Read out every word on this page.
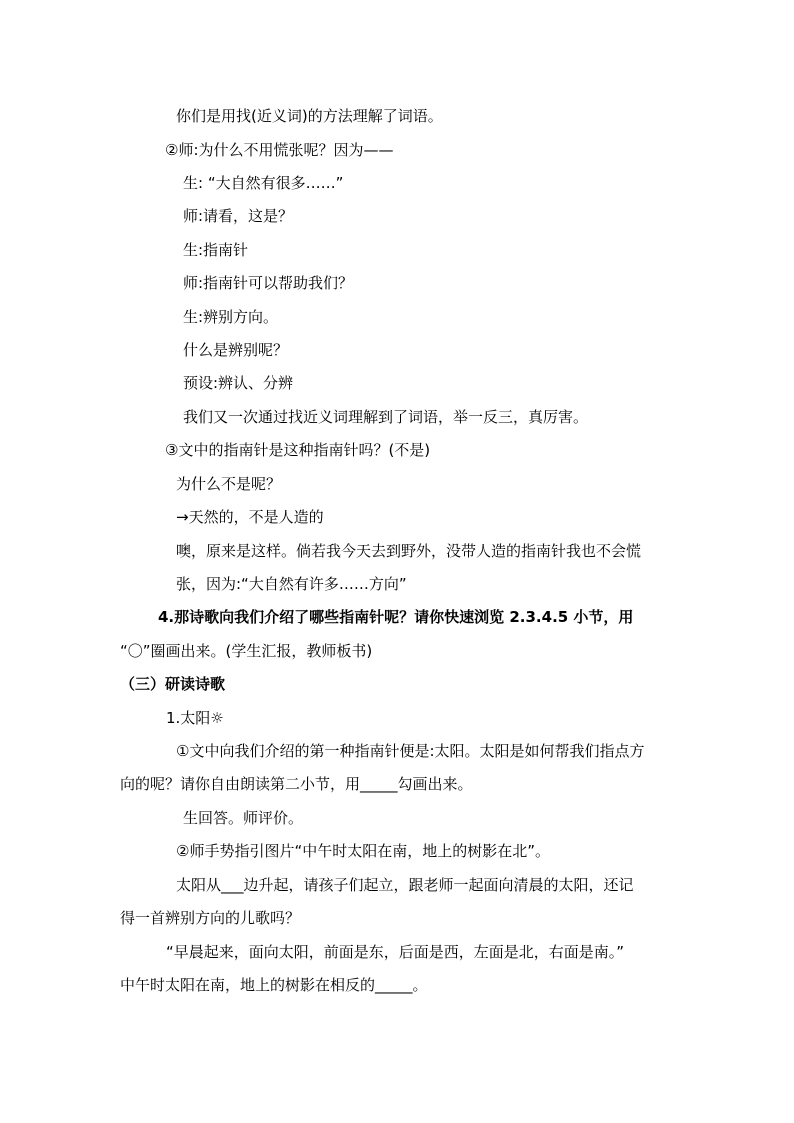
你们是用找(近义词)的方法理解了词语。
②师:为什么不用慌张呢？因为——
生: “大自然有很多……”
师:请看，这是？
生:指南针
师:指南针可以帮助我们？
生:辨别方向。
什么是辨别呢？
预设:辨认、分辨
我们又一次通过找近义词理解到了词语，举一反三，真厉害。
③文中的指南针是这种指南针吗？(不是)
为什么不是呢？
→天然的，不是人造的
噢，原来是这样。倘若我今天去到野外，没带人造的指南针我也不会慌
张，因为:“大自然有许多……方向”
4.那诗歌向我们介绍了哪些指南针呢？请你快速浏览 2.3.4.5 小节，用
“〇”圈画出来。(学生汇报，教师板书)
（三）研读诗歌
1.太阳☼
①文中向我们介绍的第一种指南针便是:太阳。太阳是如何帮我们指点方
向的呢？请你自由朗读第二小节，用_____勾画出来。
生回答。师评价。
②师手势指引图片“中午时太阳在南，地上的树影在北”。
太阳从___边升起，请孩子们起立，跟老师一起面向清晨的太阳，还记
得一首辨别方向的儿歌吗？
“早晨起来，面向太阳，前面是东，后面是西，左面是北，右面是南。”
中午时太阳在南，地上的树影在相反的_____。
